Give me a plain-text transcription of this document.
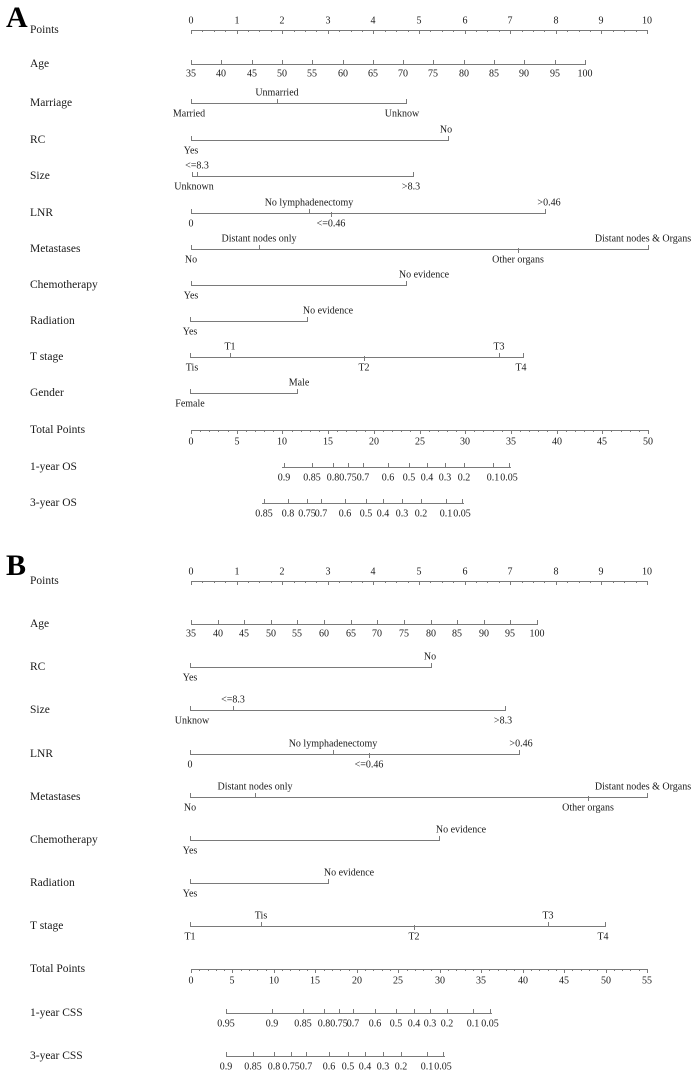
A Points
0	1	2	3	4	5	6	7	8	9	10
Age
35 40 45 50 55 60 65 70 75 80 85 90 95 100
Marriage
Unmarried
Married	Unknow
RC
No
Yes
Size
<=8.3
Unknown	>8.3
LNR
No lymphadenectomy	>0.46
<=0.46
0
Metastases
Distant nodes only	Distant nodes & Organs
No	Other organs
Chemotherapy
No evidence
Yes
Radiation
No evidence
Yes
T stage
T1	T3
Tis	T2	T4
Gender
Male
Female
Total Points
0	5	10	15	20	25	30	35	40	45	50
1-year OS
0.9 0.85 0.8 0.75 0.7 0.6 0.5 0.4 0.3 0.2 0.1 0.05
3-year OS
0.85 0.8 0.75 0.7 0.6 0.5 0.4 0.3 0.2 0.1 0.05
B Points
0	1	2	3	4	5	6	7	8	9	10
Age
35 40 45 50 55 60 65 70 75 80 85 90 95 100
RC
No
Yes
Size
<=8.3
Unknow	>8.3
LNR
No lymphadenectomy	>0.46
<=0.46
0
Metastases
Distant nodes only	Distant nodes & Organs
No	Other organs
Chemotherapy
No evidence
Yes
Radiation
No evidence
Yes
T stage
Tis	T3
T1	T2	T4
Total Points
0	5	10	15	20	25	30	35	40	45	50	55
1-year CSS
0.95	0.9 0.85 0.8 0.75 0.7 0.6 0.5 0.4 0.3 0.2 0.1 0.05
3-year CSS
0.9 0.85 0.8 0.75 0.7 0.6 0.5 0.4 0.3 0.2 0.1 0.05
